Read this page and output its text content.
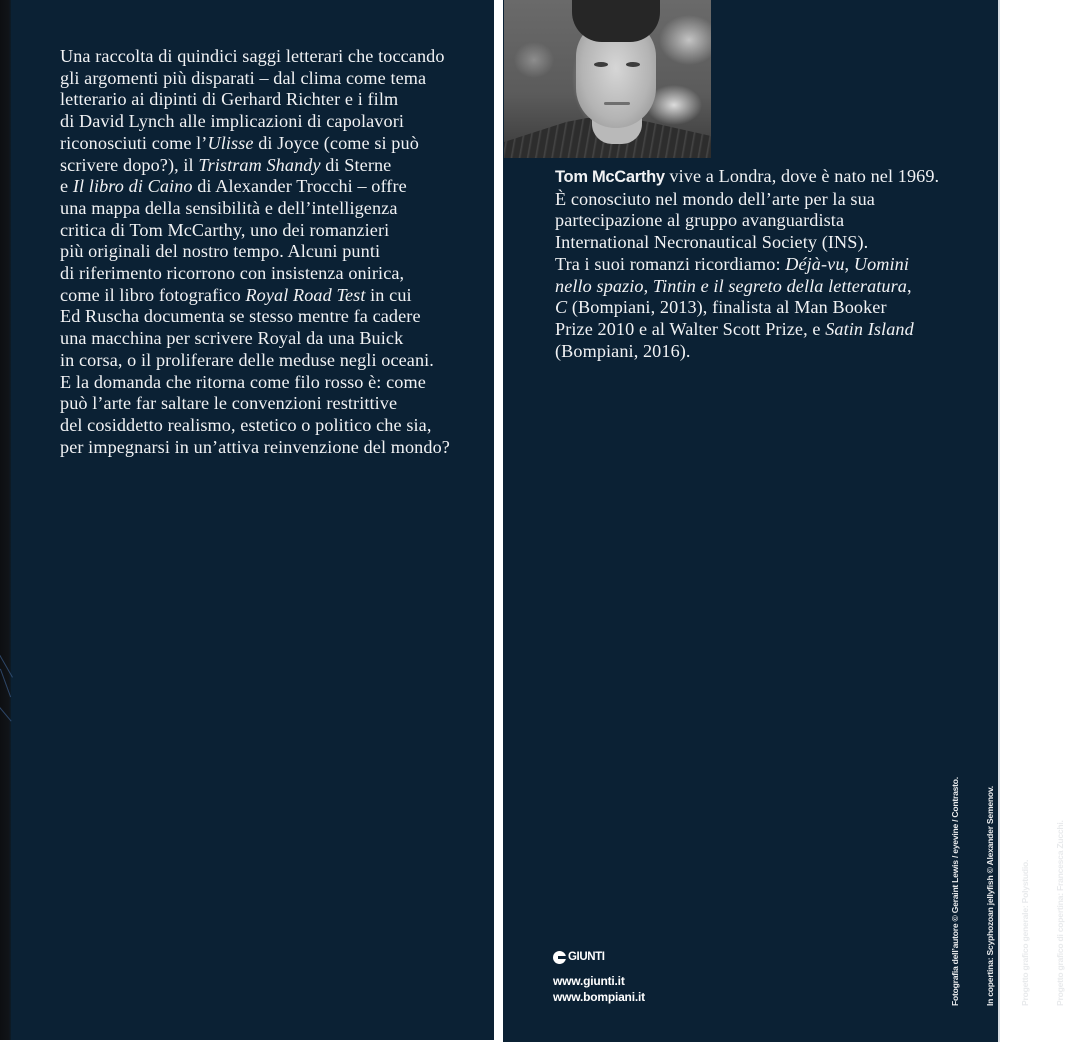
Una raccolta di quindici saggi letterari che toccando
gli argomenti più disparati – dal clima come tema
letterario ai dipinti di Gerhard Richter e i film
di David Lynch alle implicazioni di capolavori
riconosciuti come l’Ulisse di Joyce (come si può
scrivere dopo?), il Tristram Shandy di Sterne
e Il libro di Caino di Alexander Trocchi – offre
una mappa della sensibilità e dell’intelligenza
critica di Tom McCarthy, uno dei romanzieri
più originali del nostro tempo. Alcuni punti
di riferimento ricorrono con insistenza onirica,
come il libro fotografico Royal Road Test in cui
Ed Ruscha documenta se stesso mentre fa cadere
una macchina per scrivere Royal da una Buick
in corsa, o il proliferare delle meduse negli oceani.
E la domanda che ritorna come filo rosso è: come
può l’arte far saltare le convenzioni restrittive
del cosiddetto realismo, estetico o politico che sia,
per impegnarsi in un’attiva reinvenzione del mondo?
Tom McCarthy vive a Londra, dove è nato nel 1969.
È conosciuto nel mondo dell’arte per la sua
partecipazione al gruppo avanguardista
International Necronautical Society (INS).
Tra i suoi romanzi ricordiamo: Déjà-vu, Uomini
nello spazio, Tintin e il segreto della letteratura,
C (Bompiani, 2013), finalista al Man Booker
Prize 2010 e al Walter Scott Prize, e Satin Island
(Bompiani, 2016).
GIUNTI
www.giunti.it
www.bompiani.it

	Fotografia dell’autore © Geraint Lewis / eyevine / Contrasto.

	In copertina: Scyphozoan jellyfish © Alexander Semenov.

	Progetto grafico generale: Polystudio.

	Progetto grafico di copertina: Francesca Zucchi.
